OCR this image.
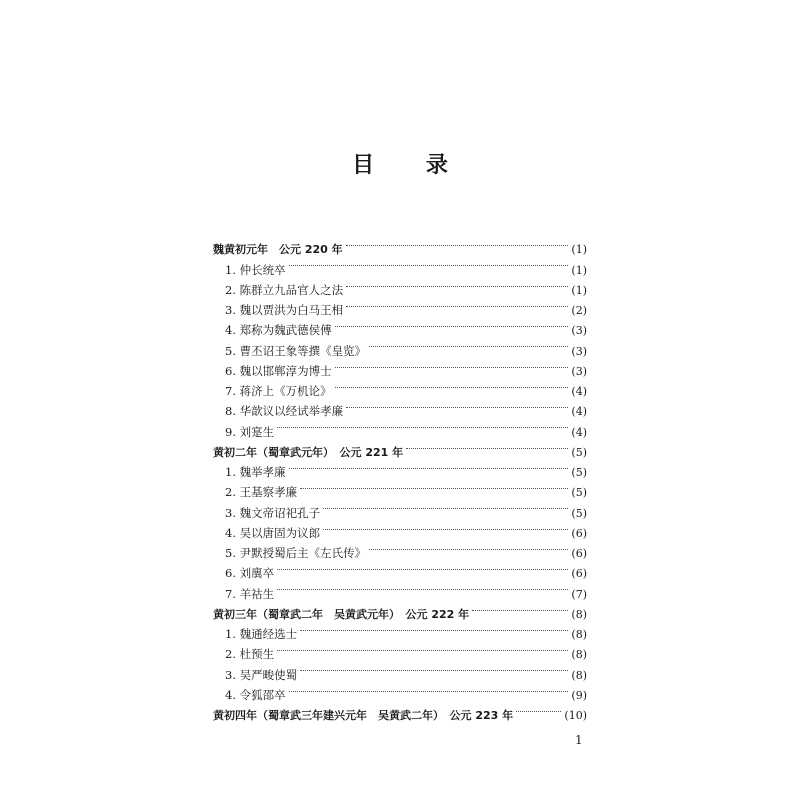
目 录
魏黄初元年　公元 220 年	(1)
1. 仲长统卒	(1)
2. 陈群立九品官人之法	(1)
3. 魏以贾洪为白马王相	(2)
4. 郑称为魏武德侯傅	(3)
5. 曹丕诏王象等撰《皇览》	(3)
6. 魏以邯郸淳为博士	(3)
7. 蒋济上《万机论》	(4)
8. 华歆议以经试举孝廉	(4)
9. 刘寔生	(4)
黄初二年（蜀章武元年）　公元 221 年	(5)
1. 魏举孝廉	(5)
2. 王基察孝廉	(5)
3. 魏文帝诏祀孔子	(5)
4. 吴以唐固为议郎	(6)
5. 尹默授蜀后主《左氏传》	(6)
6. 刘廙卒	(6)
7. 羊祜生	(7)
黄初三年（蜀章武二年　吴黄武元年）　公元 222 年	(8)
1. 魏通经选士	(8)
2. 杜预生	(8)
3. 吴严畯使蜀	(8)
4. 令狐邵卒	(9)
黄初四年（蜀章武三年建兴元年　吴黄武二年）　公元 223 年	(10)
1
